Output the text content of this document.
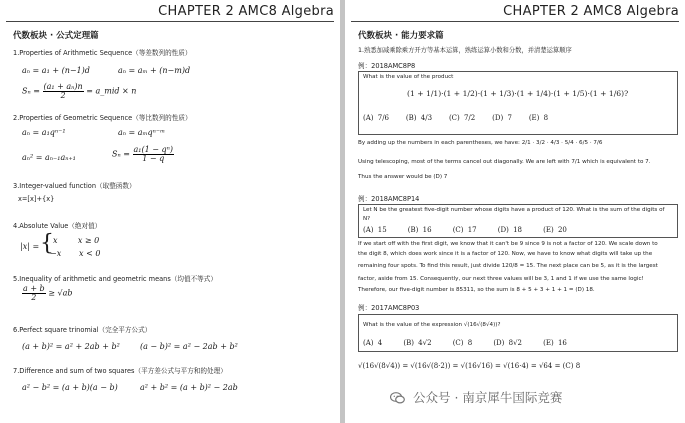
CHAPTER 2 AMC8 Algebra
代数板块 · 公式定理篇
1.Properties of Arithmetic Sequence（等差数列的性质）
aₙ = a₁ + (n−1)d	aₙ = aₘ + (n−m)d
$S_n = \frac{\text{(a₁ + aₙ)n}}{2}$ = a_mid × n
2.Properties of Geometric Sequence（等比数列的性质）
aₙ = a₁qⁿ⁻¹	aₙ = aₘqⁿ⁻ᵐ
aₙ² = aₙ₋₁aₙ₊₁	$S_n = \frac{\text{a₁(1 − qⁿ)}}{1 - q}$
3.Integer-valued function（取整函数）
x=[x]+{x}
4.Absolute Value（绝对值）
|x| = { x        x ≥ 0
−x       x < 0
5.Inequality of arithmetic and geometric means（均值不等式）
$\frac{a + b}{2} \ge √ab$
6.Perfect square trinomial（完全平方公式）
(a + b)² = a² + 2ab + b²	(a − b)² = a² − 2ab + b²
7.Difference and sum of two squares（平方差公式与平方和的处理）
a² − b² = (a + b)(a − b)	a² + b² = (a + b)² − 2ab
CHAPTER 2 AMC8 Algebra
代数板块 · 能力要求篇
1.熟悉加减乘除乘方开方等基本运算，熟练运算小数和分数，并清楚运算顺序
例：2018AMC8P8
What is the value of the product
(1 + 1/1)·(1 + 1/2)·(1 + 1/3)·(1 + 1/4)·(1 + 1/5)·(1 + 1/6)?
(A) 7/6 (B) 4/3 (C) 7/2 (D) 7 (E) 8
By adding up the numbers in each parentheses, we have: 2/1 · 3/2 · 4/3 · 5/4 · 6/5 · 7/6
Using telescoping, most of the terms cancel out diagonally. We are left with 7/1 which is equivalent to 7.
Thus the answer would be (D) 7
例：2018AMC8P14
Let N be the greatest five-digit number whose digits have a product of 120. What is the sum of the digits of N?
(A) 15	(B) 16	(C) 17	(D) 18	(E) 20
If we start off with the first digit, we know that it can't be 9 since 9 is not a factor of 120. We scale down to
the digit 8, which does work since it is a factor of 120. Now, we have to know what digits will take up the
remaining four spots. To find this result, just divide 120/8 = 15. The next place can be 5, as it is the largest
factor, aside from 15. Consequently, our next three values will be 3, 1 and 1 if we use the same logic!
Therefore, our five-digit number is 85311, so the sum is 8 + 5 + 3 + 1 + 1 = (D) 18.
例：2017AMC8P03
What is the value of the expression √(16√(8√4))?
(A) 4	(B) 4√2	(C) 8	(D) 8√2	(E) 16
√(16√(8√4)) = √(16√(8·2)) = √(16√16) = √(16·4) = √64 = (C) 8
公众号 · 南京犀牛国际竞赛
